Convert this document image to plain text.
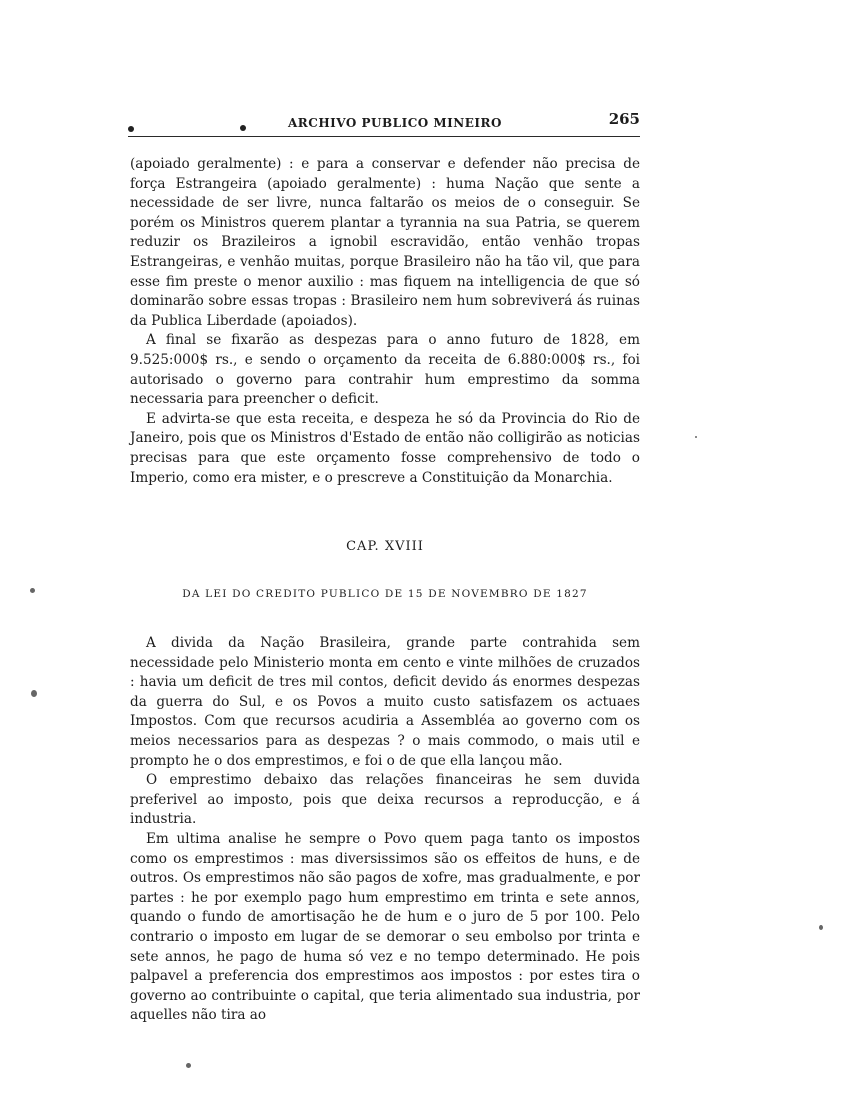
ARCHIVO PUBLICO MINEIRO	265

(apoiado geralmente) : e para a conservar e defender não precisa de força Estrangeira (apoiado geralmente) : huma Nação que sente a necessidade de ser livre, nunca faltarão os meios de o conseguir. Se porém os Ministros querem plantar a tyrannia na sua Patria, se querem reduzir os Brazileiros a ignobil escravidão, então venhão tropas Estrangeiras, e venhão muitas, porque Brasileiro não ha tão vil, que para esse fim preste o menor auxilio : mas fiquem na intelligencia de que só dominarão sobre essas tropas : Brasileiro nem hum sobreviverá ás ruinas da Publica Liberdade (apoiados).

A final se fixarão as despezas para o anno futuro de 1828, em 9.525:000$ rs., e sendo o orçamento da receita de 6.880:000$ rs., foi autorisado o governo para contrahir hum emprestimo da somma necessaria para preencher o deficit.

E advirta-se que esta receita, e despeza he só da Provincia do Rio de Janeiro, pois que os Ministros d'Estado de então não colligirão as noticias precisas para que este orçamento fosse comprehensivo de todo o Imperio, como era mister, e o prescreve a Constituição da Monarchia.

CAP. XVIII
DA LEI DO CREDITO PUBLICO DE 15 DE NOVEMBRO DE 1827

A divida da Nação Brasileira, grande parte contrahida sem necessidade pelo Ministerio monta em cento e vinte milhões de cruzados : havia um deficit de tres mil contos, deficit devido ás enormes despezas da guerra do Sul, e os Povos a muito custo satisfazem os actuaes Impostos. Com que recursos acudiria a Assembléa ao governo com os meios necessarios para as despezas ? o mais commodo, o mais util e prompto he o dos emprestimos, e foi o de que ella lançou mão.

O emprestimo debaixo das relações financeiras he sem duvida preferivel ao imposto, pois que deixa recursos a reproducção, e á industria.

Em ultima analise he sempre o Povo quem paga tanto os impostos como os emprestimos : mas diversissimos são os effeitos de huns, e de outros. Os emprestimos não são pagos de xofre, mas gradualmente, e por partes : he por exemplo pago hum emprestimo em trinta e sete annos, quando o fundo de amortisação he de hum e o juro de 5 por 100. Pelo contrario o imposto em lugar de se demorar o seu embolso por trinta e sete annos, he pago de huma só vez e no tempo determinado. He pois palpavel a preferencia dos emprestimos aos impostos : por estes tira o governo ao contribuinte o capital, que teria alimentado sua industria, por aquelles não tira ao
